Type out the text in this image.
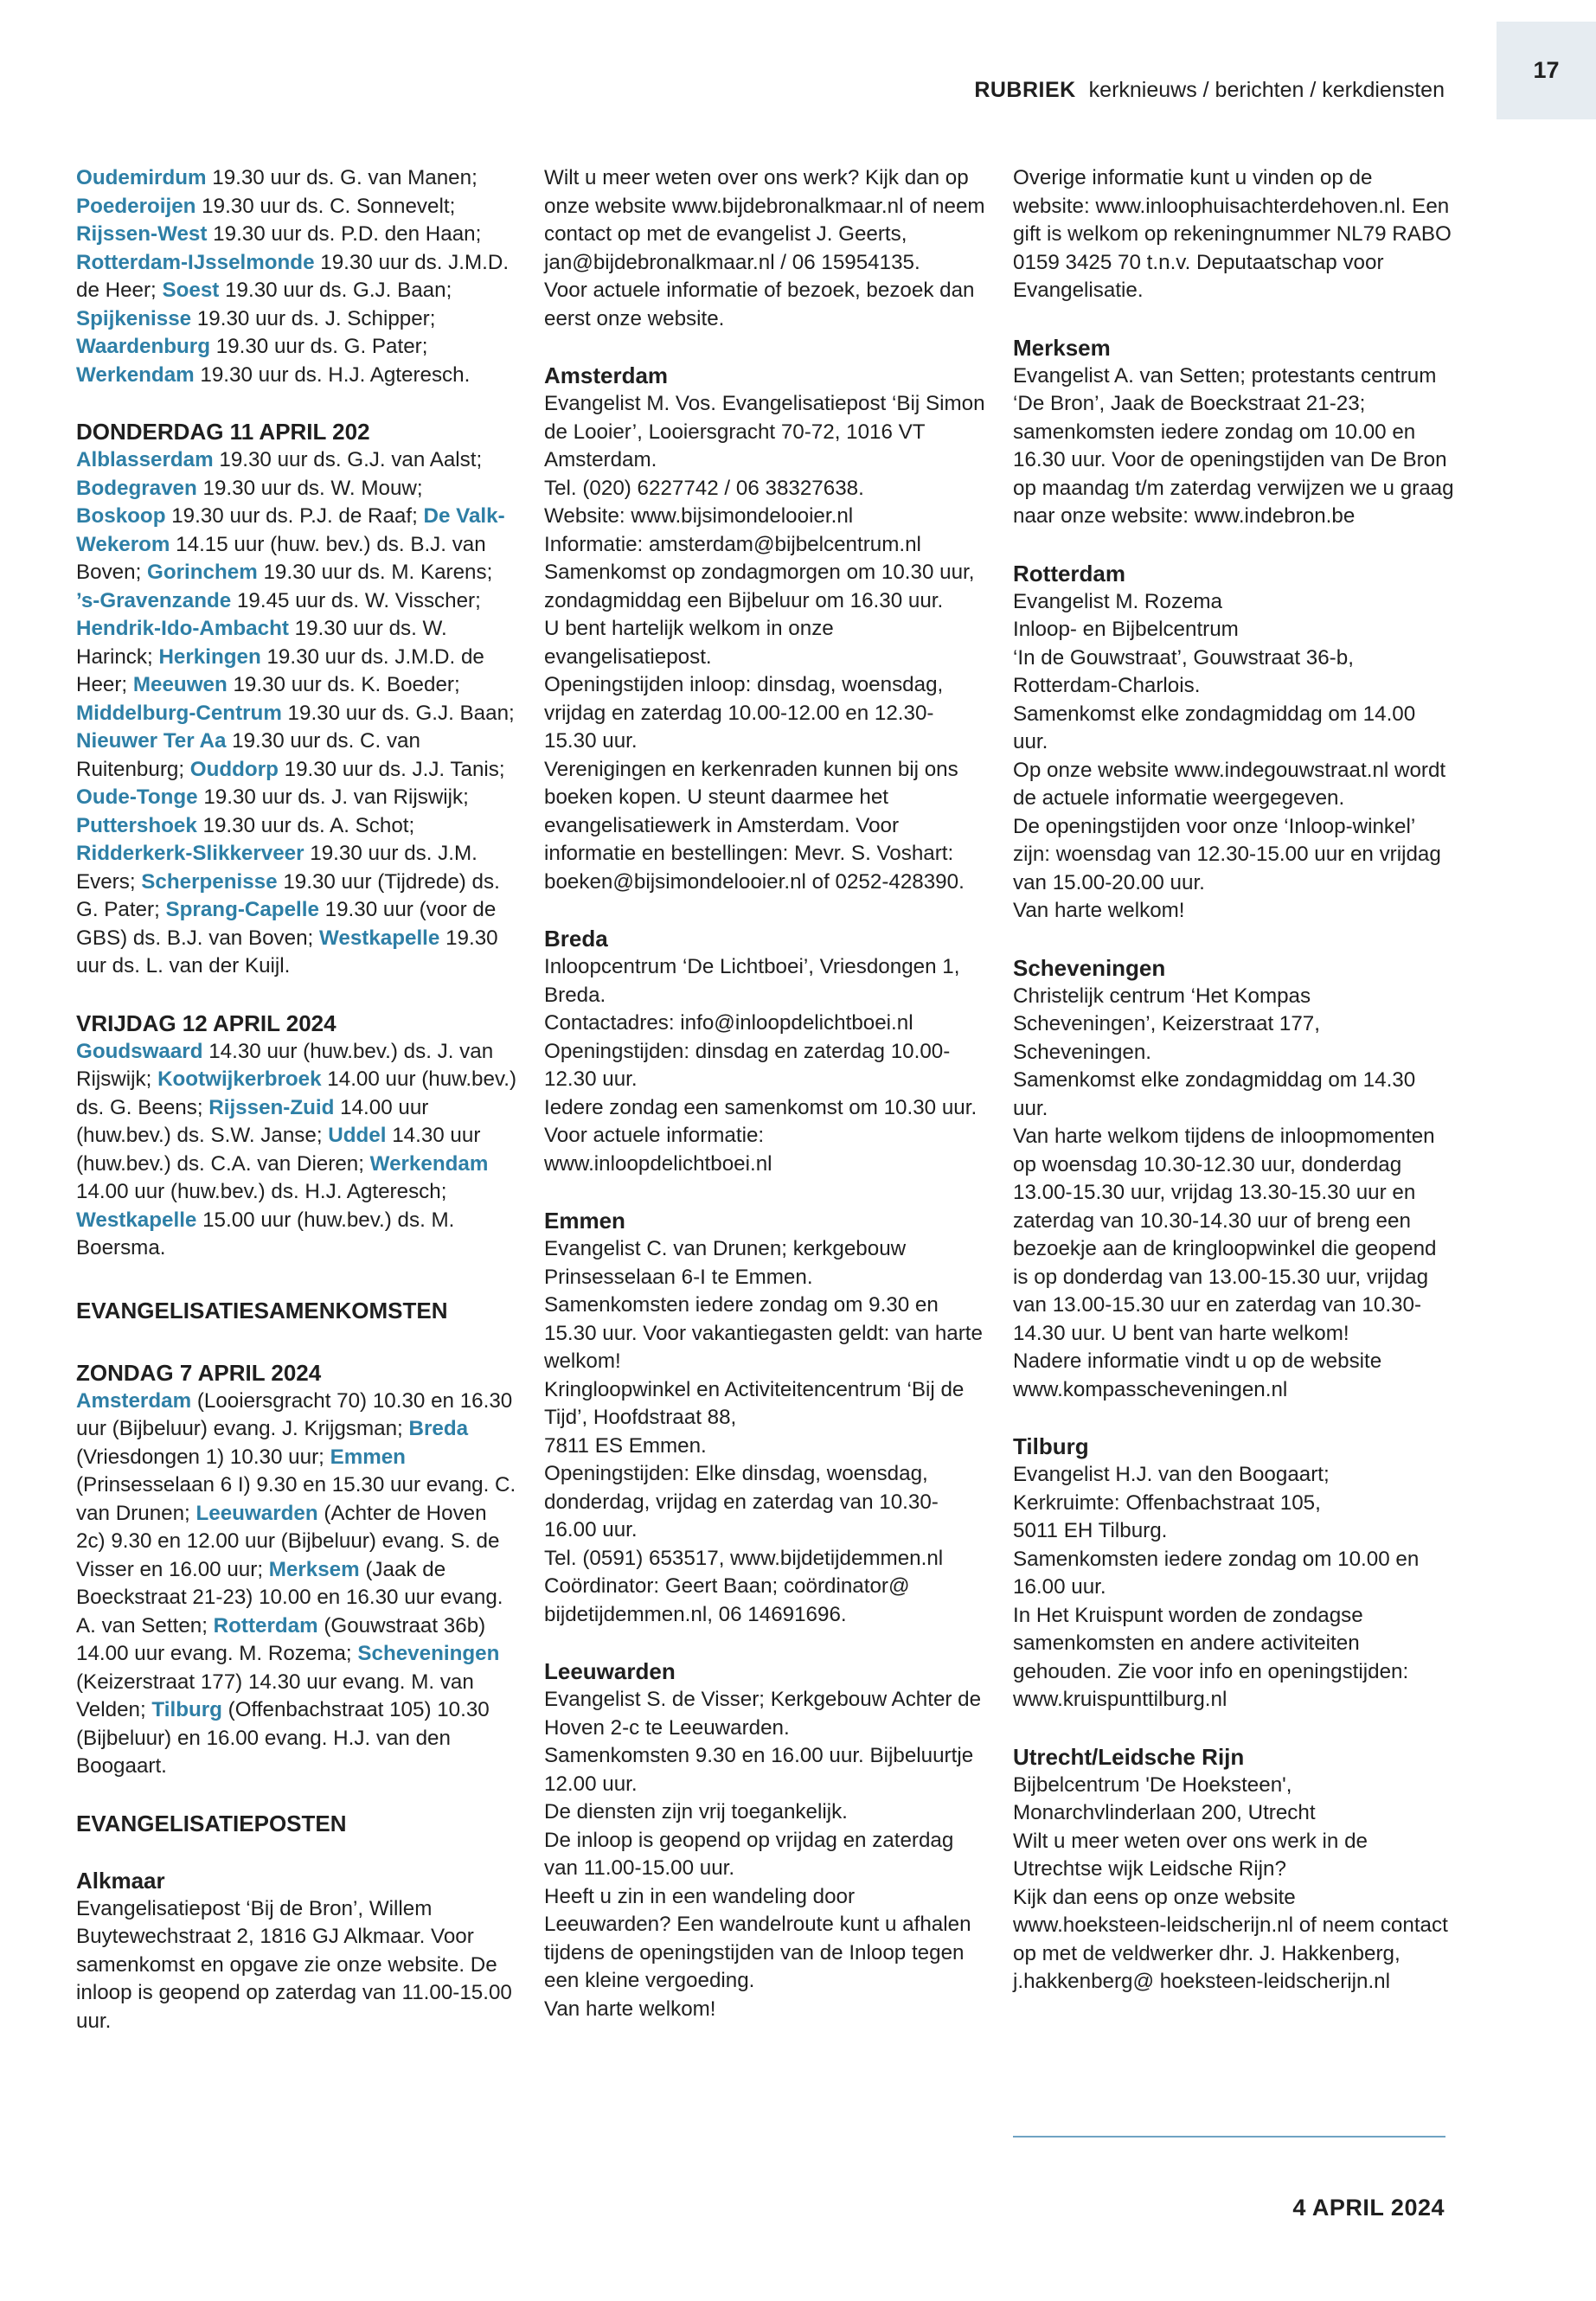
17
RUBRIEK kerknieuws / berichten / kerkdiensten

Oudemirdum 19.30 uur ds. G. van Manen; Poederoijen 19.30 uur ds. C. Sonnevelt; Rijssen-West 19.30 uur ds. P.D. den Haan; Rotterdam-IJsselmonde 19.30 uur ds. J.M.D. de Heer; Soest 19.30 uur ds. G.J. Baan; Spijkenisse 19.30 uur ds. J. Schipper; Waardenburg 19.30 uur ds. G. Pater; Werkendam 19.30 uur ds. H.J. Agteresch.

DONDERDAG 11 APRIL 202

Alblasserdam 19.30 uur ds. G.J. van Aalst; Bodegraven 19.30 uur ds. W. Mouw; Boskoop 19.30 uur ds. P.J. de Raaf; De Valk-Wekerom 14.15 uur (huw. bev.) ds. B.J. van Boven; Gorinchem 19.30 uur ds. M. Karens; ’s-Gravenzande 19.45 uur ds. W. Visscher; Hendrik-Ido-Ambacht 19.30 uur ds. W. Harinck; Herkingen 19.30 uur ds. J.M.D. de Heer; Meeuwen 19.30 uur ds. K. Boeder; Middelburg-Centrum 19.30 uur ds. G.J. Baan; Nieuwer Ter Aa 19.30 uur ds. C. van Ruitenburg; Ouddorp 19.30 uur ds. J.J. Tanis; Oude-Tonge 19.30 uur ds. J. van Rijswijk; Puttershoek 19.30 uur ds. A. Schot; Ridderkerk-Slikkerveer 19.30 uur ds. J.M. Evers; Scherpenisse 19.30 uur (Tijdrede) ds. G. Pater; Sprang-Capelle 19.30 uur (voor de GBS) ds. B.J. van Boven; Westkapelle 19.30 uur ds. L. van der Kuijl.

VRIJDAG 12 APRIL 2024

Goudswaard 14.30 uur (huw.bev.) ds. J. van Rijswijk; Kootwijkerbroek 14.00 uur (huw.bev.) ds. G. Beens; Rijssen-Zuid 14.00 uur (huw.bev.) ds. S.W. Janse; Uddel 14.30 uur (huw.bev.) ds. C.A. van Dieren; Werkendam 14.00 uur (huw.bev.) ds. H.J. Agteresch; Westkapelle 15.00 uur (huw.bev.) ds. M. Boersma.

EVANGELISATIESAMENKOMSTEN

ZONDAG 7 APRIL 2024

Amsterdam (Looiersgracht 70) 10.30 en 16.30 uur (Bijbeluur) evang. J. Krijgsman; Breda (Vriesdongen 1) 10.30 uur; Emmen (Prinsesselaan 6 I) 9.30 en 15.30 uur evang. C. van Drunen; Leeuwarden (Achter de Hoven 2c) 9.30 en 12.00 uur (Bijbeluur) evang. S. de Visser en 16.00 uur; Merksem (Jaak de Boeckstraat 21-23) 10.00 en 16.30 uur evang. A. van Setten; Rotterdam (Gouwstraat 36b) 14.00 uur evang. M. Rozema; Scheveningen (Keizerstraat 177) 14.30 uur evang. M. van Velden; Tilburg (Offenbachstraat 105) 10.30 (Bijbeluur) en 16.00 evang. H.J. van den Boogaart.

EVANGELISATIEPOSTEN

Alkmaar

Evangelisatiepost ‘Bij de Bron’, Willem Buytewechstraat 2, 1816 GJ Alkmaar. Voor samenkomst en opgave zie onze website. De inloop is geopend op zaterdag van 11.00-15.00 uur.

Wilt u meer weten over ons werk? Kijk dan op onze website www.bijdebronalkmaar.nl of neem contact op met de evangelist J. Geerts, jan@bijdebronalkmaar.nl / 06 15954135.
Voor actuele informatie of bezoek, bezoek dan eerst onze website.

Amsterdam

Evangelist M. Vos. Evangelisatiepost ‘Bij Simon de Looier’, Looiersgracht 70-72, 1016 VT Amsterdam.
Tel. (020) 6227742 / 06 38327638.
Website: www.bijsimondelooier.nl
Informatie: amsterdam@bijbelcentrum.nl
Samenkomst op zondagmorgen om 10.30 uur, zondagmiddag een Bijbeluur om 16.30 uur.
U bent hartelijk welkom in onze evangelisatiepost.
Openingstijden inloop: dinsdag, woensdag, vrijdag en zaterdag 10.00-12.00 en 12.30-15.30 uur.
Verenigingen en kerkenraden kunnen bij ons boeken kopen. U steunt daarmee het evangelisatiewerk in Amsterdam. Voor informatie en bestellingen: Mevr. S. Voshart: boeken@bijsimondelooier.nl of 0252-428390.

Breda

Inloopcentrum ‘De Lichtboei’, Vriesdongen 1, Breda.
Contactadres: info@inloopdelichtboei.nl
Openingstijden: dinsdag en zaterdag 10.00-12.30 uur.
Iedere zondag een samenkomst om 10.30 uur.
Voor actuele informatie:
www.inloopdelichtboei.nl

Emmen

Evangelist C. van Drunen; kerkgebouw Prinsesselaan 6-I te Emmen.
Samenkomsten iedere zondag om 9.30 en 15.30 uur. Voor vakantiegasten geldt: van harte welkom!
Kringloopwinkel en Activiteitencentrum ‘Bij de Tijd’, Hoofdstraat 88,
7811 ES Emmen.
Openingstijden: Elke dinsdag, woensdag, donderdag, vrijdag en zaterdag van 10.30-16.00 uur.
Tel. (0591) 653517, www.bijdetijdemmen.nl
Coördinator: Geert Baan; coördinator@ bijdetijdemmen.nl, 06 14691696.

Leeuwarden

Evangelist S. de Visser; Kerkgebouw Achter de Hoven 2-c te Leeuwarden.
Samenkomsten 9.30 en 16.00 uur. Bijbeluurtje 12.00 uur.
De diensten zijn vrij toegankelijk.
De inloop is geopend op vrijdag en zaterdag van 11.00-15.00 uur.
Heeft u zin in een wandeling door Leeuwarden? Een wandelroute kunt u afhalen tijdens de openingstijden van de Inloop tegen een kleine vergoeding.
Van harte welkom!

Overige informatie kunt u vinden op de website: www.inloophuisachterdehoven.nl. Een gift is welkom op rekeningnummer NL79 RABO 0159 3425 70 t.n.v. Deputaatschap voor Evangelisatie.

Merksem

Evangelist A. van Setten; protestants centrum ‘De Bron’, Jaak de Boeckstraat 21-23; samenkomsten iedere zondag om 10.00 en 16.30 uur. Voor de openingstijden van De Bron op maandag t/m zaterdag verwijzen we u graag naar onze website: www.indebron.be

Rotterdam

Evangelist M. Rozema
Inloop- en Bijbelcentrum
‘In de Gouwstraat’, Gouwstraat 36-b, Rotterdam-Charlois.
Samenkomst elke zondagmiddag om 14.00 uur.
Op onze website www.indegouwstraat.nl wordt de actuele informatie weergegeven.
De openingstijden voor onze ‘Inloop-winkel’ zijn: woensdag van 12.30-15.00 uur en vrijdag van 15.00-20.00 uur.
Van harte welkom!

Scheveningen

Christelijk centrum ‘Het Kompas Scheveningen’, Keizerstraat 177, Scheveningen.
Samenkomst elke zondagmiddag om 14.30 uur.
Van harte welkom tijdens de inloopmomenten op woensdag 10.30-12.30 uur, donderdag 13.00-15.30 uur, vrijdag 13.30-15.30 uur en zaterdag van 10.30-14.30 uur of breng een bezoekje aan de kringloopwinkel die geopend is op donderdag van 13.00-15.30 uur, vrijdag van 13.00-15.30 uur en zaterdag van 10.30-14.30 uur. U bent van harte welkom!
Nadere informatie vindt u op de website www.kompasscheveningen.nl

Tilburg

Evangelist H.J. van den Boogaart;
Kerkruimte: Offenbachstraat 105,
5011 EH Tilburg.
Samenkomsten iedere zondag om 10.00 en 16.00 uur.
In Het Kruispunt worden de zondagse samenkomsten en andere activiteiten gehouden. Zie voor info en openingstijden: www.kruispunttilburg.nl

Utrecht/Leidsche Rijn

Bijbelcentrum 'De Hoeksteen', Monarchvlinderlaan 200, Utrecht
Wilt u meer weten over ons werk in de Utrechtse wijk Leidsche Rijn?
Kijk dan eens op onze website www.hoeksteen-leidscherijn.nl of neem contact op met de veldwerker dhr. J. Hakkenberg, j.hakkenberg@ hoeksteen-leidscherijn.nl

4 APRIL 2024
